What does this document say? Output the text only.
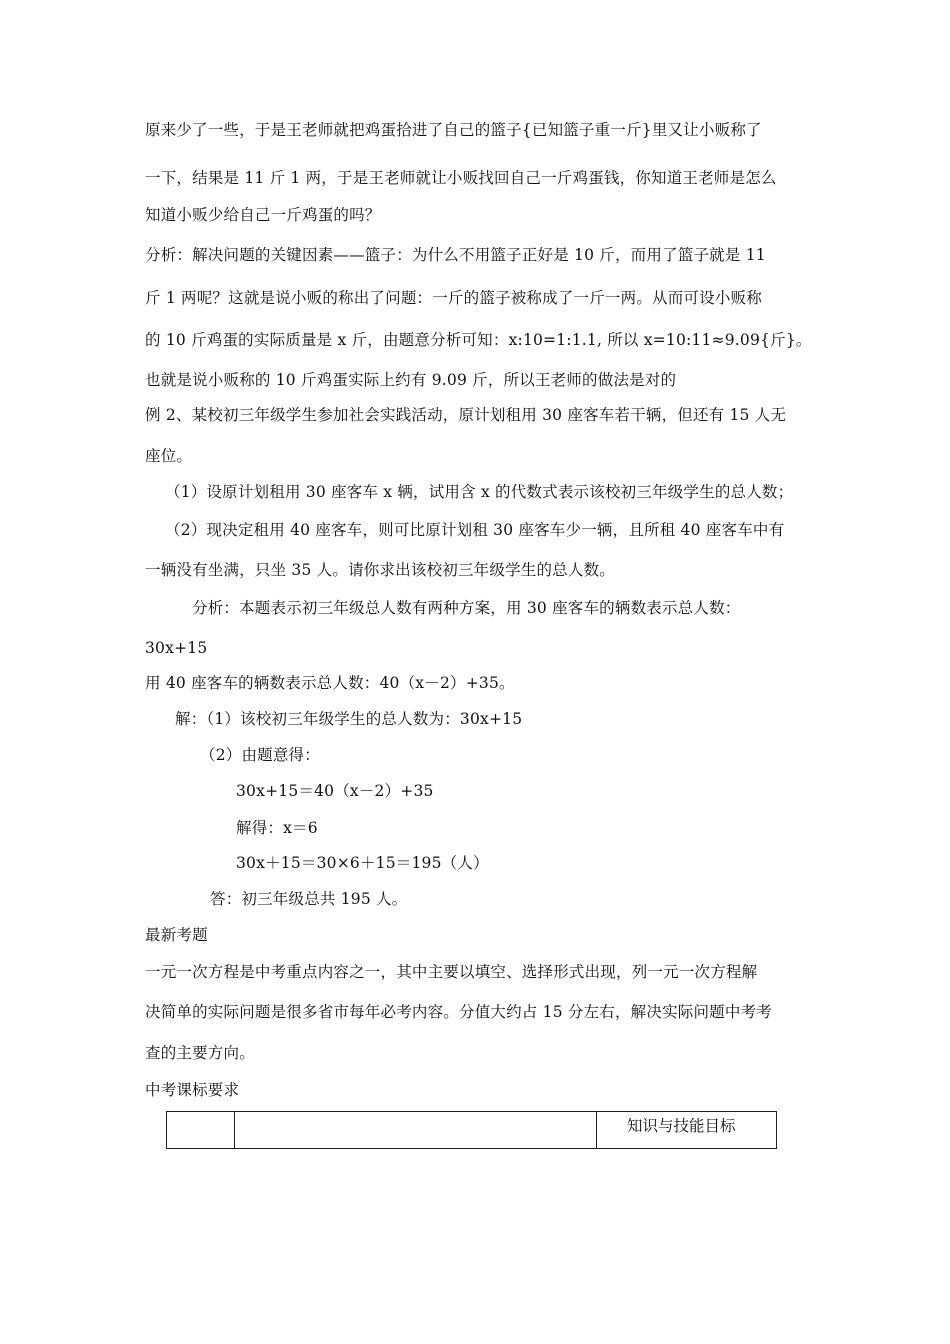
原来少了一些，于是王老师就把鸡蛋拾进了自己的篮子{已知篮子重一斤}里又让小贩称了
一下，结果是 11 斤 1 两，于是王老师就让小贩找回自己一斤鸡蛋钱，你知道王老师是怎么
知道小贩少给自己一斤鸡蛋的吗？
分析：解决问题的关键因素——篮子：为什么不用篮子正好是 10 斤，而用了篮子就是 11
斤 1 两呢？这就是说小贩的称出了问题：一斤的篮子被称成了一斤一两。从而可设小贩称
的 10 斤鸡蛋的实际质量是 x 斤，由题意分析可知：x:10=1:1.1, 所以 x=10:11≈9.09{斤}。
也就是说小贩称的 10 斤鸡蛋实际上约有 9.09 斤，所以王老师的做法是对的
例 2、某校初三年级学生参加社会实践活动，原计划租用 30 座客车若干辆，但还有 15 人无
座位。
（1）设原计划租用 30 座客车 x 辆，试用含 x 的代数式表示该校初三年级学生的总人数；
（2）现决定租用 40 座客车，则可比原计划租 30 座客车少一辆，且所租 40 座客车中有
一辆没有坐满，只坐 35 人。请你求出该校初三年级学生的总人数。
分析：本题表示初三年级总人数有两种方案，用 30 座客车的辆数表示总人数：
30x+15
用 40 座客车的辆数表示总人数：40（x－2）+35。
解：（1）该校初三年级学生的总人数为：30x+15
（2）由题意得：
30x+15＝40（x－2）+35
解得：x＝6
30x＋15＝30×6＋15＝195（人）
答：初三年级总共 195 人。
最新考题
一元一次方程是中考重点内容之一，其中主要以填空、选择形式出现，列一元一次方程解
决简单的实际问题是很多省市每年必考内容。分值大约占 15 分左右，解决实际问题中考考
查的主要方向。
中考课标要求
		知识与技能目标
